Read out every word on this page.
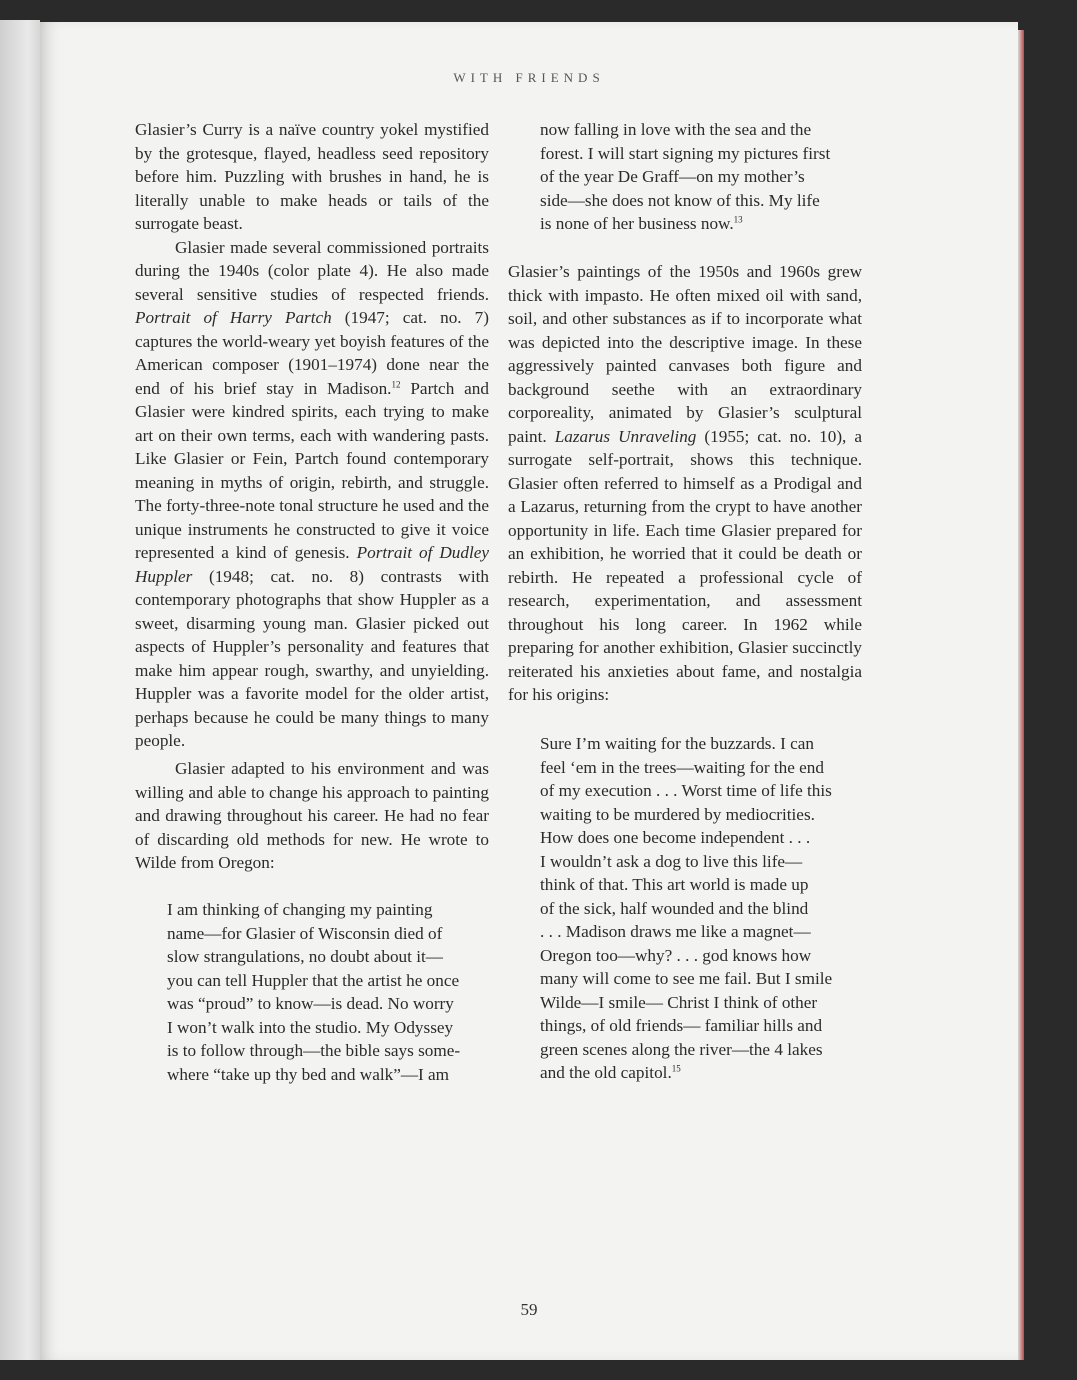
WITH FRIENDS

Glasier’s Curry is a naïve country yokel mystified by the grotesque, flayed, headless seed repository before him. Puzzling with brushes in hand, he is literally unable to make heads or tails of the surrogate beast.

Glasier made several commissioned portraits during the 1940s (color plate 4). He also made several sensitive studies of respected friends. Portrait of Harry Partch (1947; cat. no. 7) captures the world-weary yet boyish features of the American composer (1901–1974) done near the end of his brief stay in Madison.$^{12}$ Partch and Glasier were kindred spirits, each trying to make art on their own terms, each with wandering pasts. Like Glasier or Fein, Partch found contemporary meaning in myths of origin, rebirth, and struggle. The forty-three-note tonal structure he used and the unique instruments he constructed to give it voice represented a kind of genesis. Portrait of Dudley Huppler (1948; cat. no. 8) contrasts with contemporary photographs that show Huppler as a sweet, disarming young man. Glasier picked out aspects of Huppler’s personality and features that make him appear rough, swarthy, and unyielding. Huppler was a favorite model for the older artist, perhaps because he could be many things to many people.

Glasier adapted to his environment and was willing and able to change his approach to painting and drawing throughout his career. He had no fear of discarding old methods for new. He wrote to Wilde from Oregon:

I am thinking of changing my painting
name—for Glasier of Wisconsin died of
slow strangulations, no doubt about it—
you can tell Huppler that the artist he once
was “proud” to know—is dead. No worry
I won’t walk into the studio. My Odyssey
is to follow through—the bible says some-
where “take up thy bed and walk”—I am
now falling in love with the sea and the
forest. I will start signing my pictures first
of the year De Graff—on my mother’s
side—she does not know of this. My life
is none of her business now.$^{13}$

Glasier’s paintings of the 1950s and 1960s grew thick with impasto. He often mixed oil with sand, soil, and other substances as if to incorporate what was depicted into the descriptive image. In these aggressively painted canvases both figure and background seethe with an extraordinary corporeality, animated by Glasier’s sculptural paint. Lazarus Unraveling (1955; cat. no. 10), a surrogate self-portrait, shows this technique. Glasier often referred to himself as a Prodigal and a Lazarus, returning from the crypt to have another opportunity in life. Each time Glasier prepared for an exhibition, he worried that it could be death or rebirth. He repeated a professional cycle of research, experimentation, and assessment throughout his long career. In 1962 while preparing for another exhibition, Glasier succinctly reiterated his anxieties about fame, and nostalgia for his origins:

Sure I’m waiting for the buzzards. I can
feel ‘em in the trees—waiting for the end
of my execution . . . Worst time of life this
waiting to be murdered by mediocrities.
How does one become independent . . .
I wouldn’t ask a dog to live this life—
think of that. This art world is made up
of the sick, half wounded and the blind
. . . Madison draws me like a magnet—
Oregon too—why? . . . god knows how
many will come to see me fail. But I smile
Wilde—I smile— Christ I think of other
things, of old friends— familiar hills and
green scenes along the river—the 4 lakes
and the old capitol.$^{15}$
59
